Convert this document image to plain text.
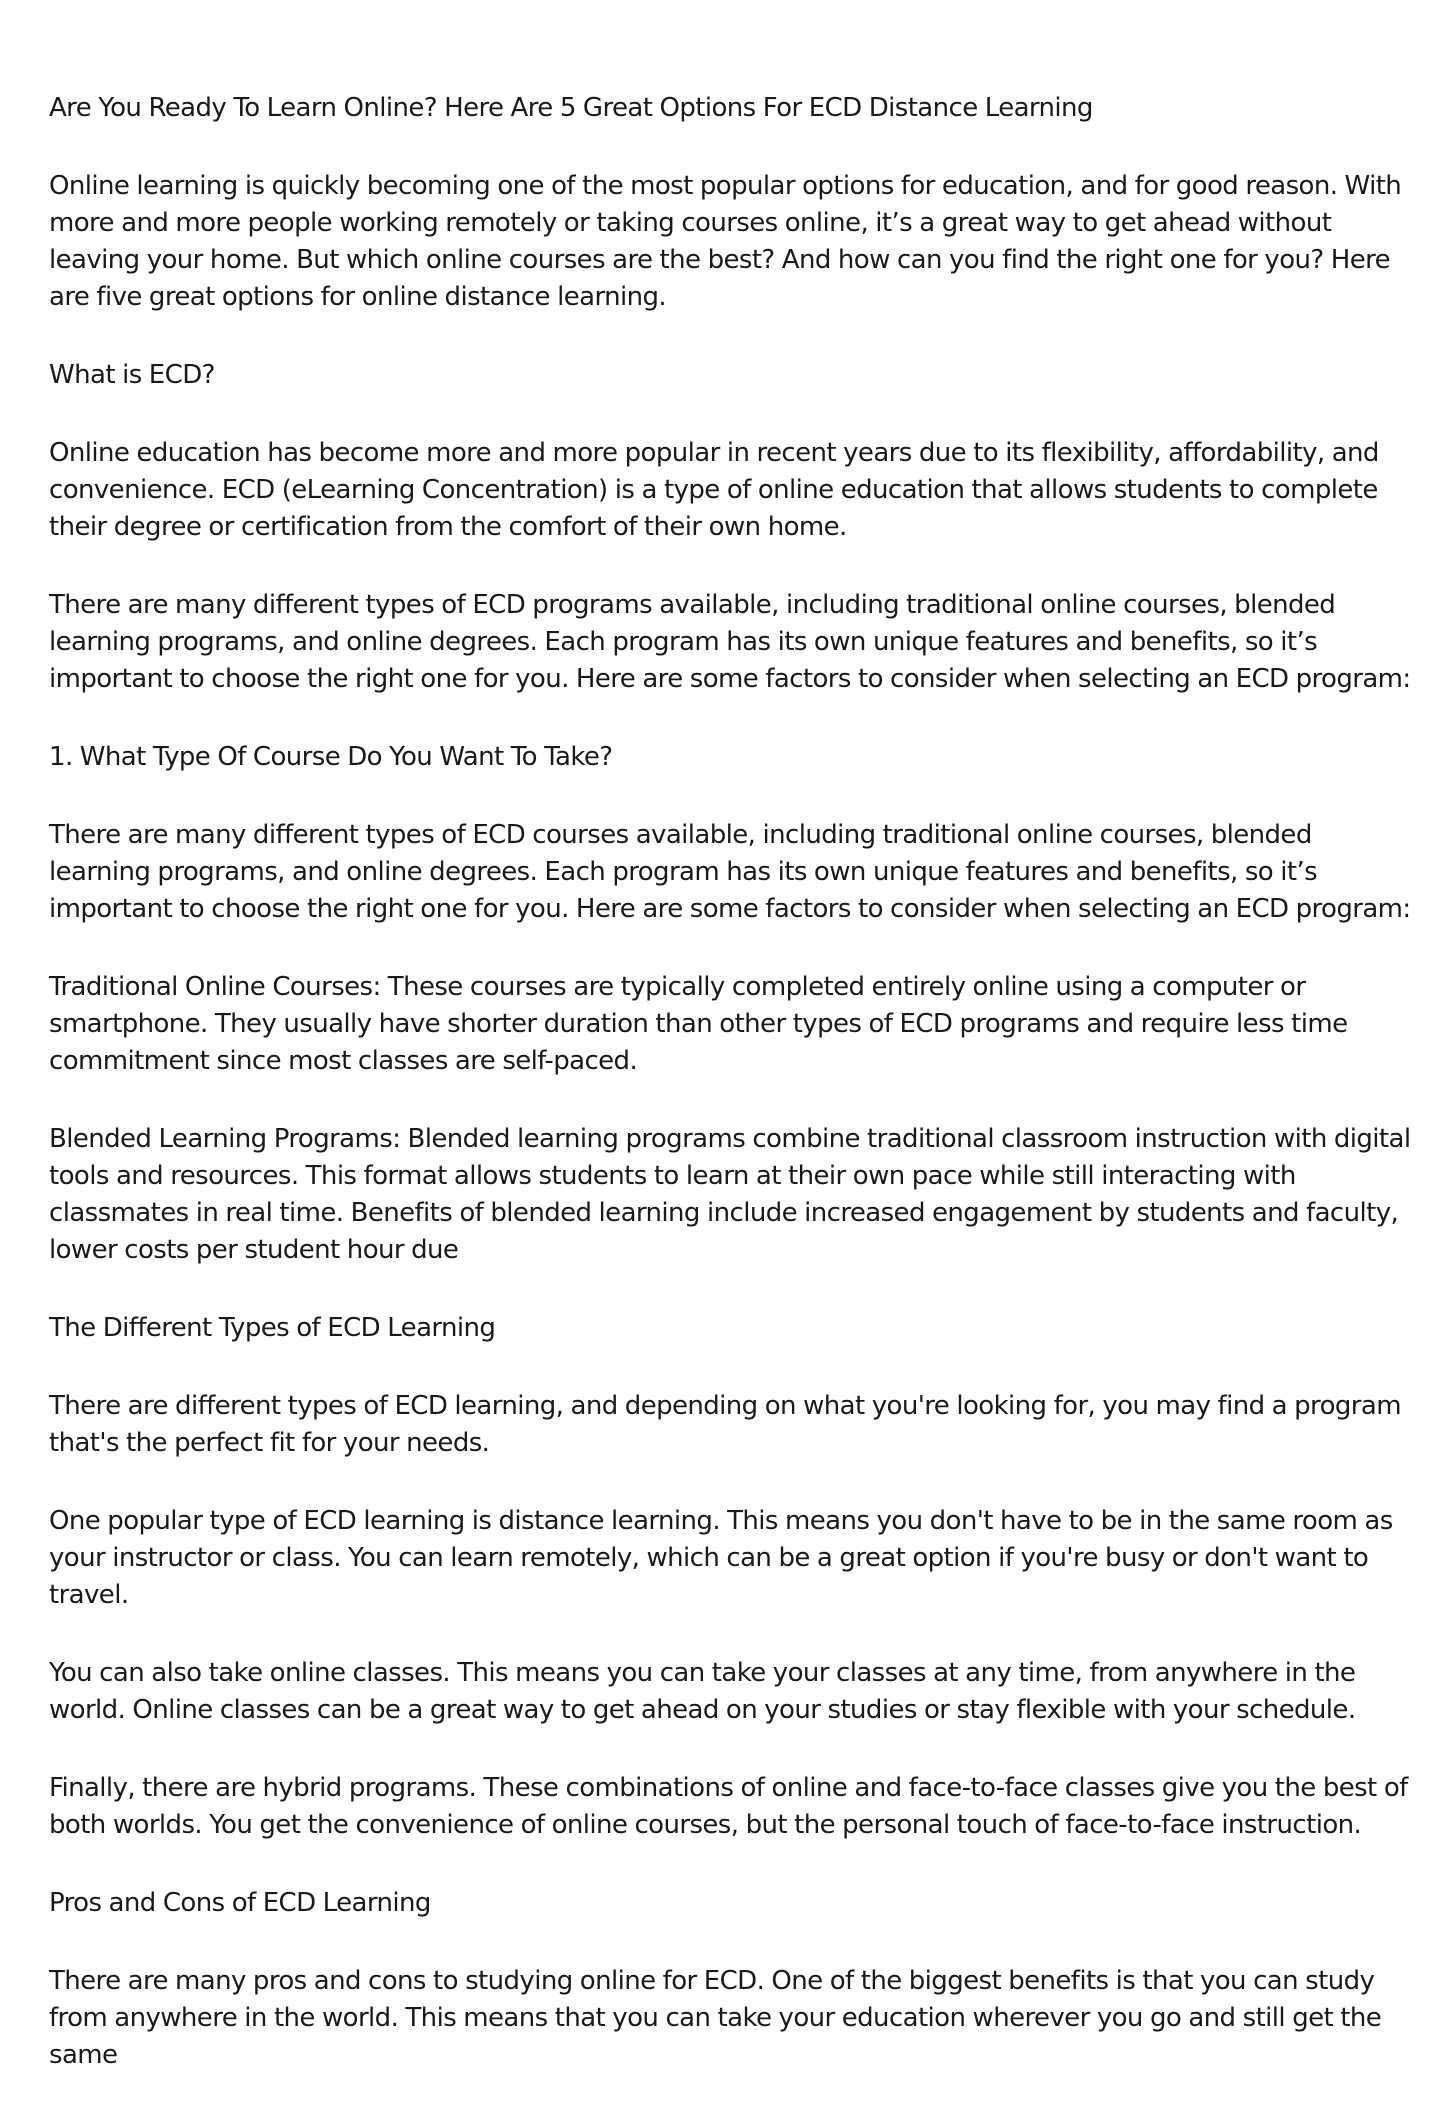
Are You Ready To Learn Online? Here Are 5 Great Options For ECD Distance Learning

Online learning is quickly becoming one of the most popular options for education, and for good reason. With more and more people working remotely or taking courses online, it’s a great way to get ahead without leaving your home. But which online courses are the best? And how can you find the right one for you? Here are five great options for online distance learning.

What is ECD?

Online education has become more and more popular in recent years due to its flexibility, affordability, and convenience. ECD (eLearning Concentration) is a type of online education that allows students to complete their degree or certification from the comfort of their own home.

There are many different types of ECD programs available, including traditional online courses, blended learning programs, and online degrees. Each program has its own unique features and benefits, so it’s important to choose the right one for you. Here are some factors to consider when selecting an ECD program:

1. What Type Of Course Do You Want To Take?

There are many different types of ECD courses available, including traditional online courses, blended learning programs, and online degrees. Each program has its own unique features and benefits, so it’s important to choose the right one for you. Here are some factors to consider when selecting an ECD program:

Traditional Online Courses: These courses are typically completed entirely online using a computer or smartphone. They usually have shorter duration than other types of ECD programs and require less time commitment since most classes are self-paced.

Blended Learning Programs: Blended learning programs combine traditional classroom instruction with digital tools and resources. This format allows students to learn at their own pace while still interacting with classmates in real time. Benefits of blended learning include increased engagement by students and faculty, lower costs per student hour due

The Different Types of ECD Learning

There are different types of ECD learning, and depending on what you're looking for, you may find a program that's the perfect fit for your needs.

One popular type of ECD learning is distance learning. This means you don't have to be in the same room as your instructor or class. You can learn remotely, which can be a great option if you're busy or don't want to travel.

You can also take online classes. This means you can take your classes at any time, from anywhere in the world. Online classes can be a great way to get ahead on your studies or stay flexible with your schedule.

Finally, there are hybrid programs. These combinations of online and face-to-face classes give you the best of both worlds. You get the convenience of online courses, but the personal touch of face-to-face instruction.

Pros and Cons of ECD Learning

There are many pros and cons to studying online for ECD. One of the biggest benefits is that you can study from anywhere in the world. This means that you can take your education wherever you go and still get the same
